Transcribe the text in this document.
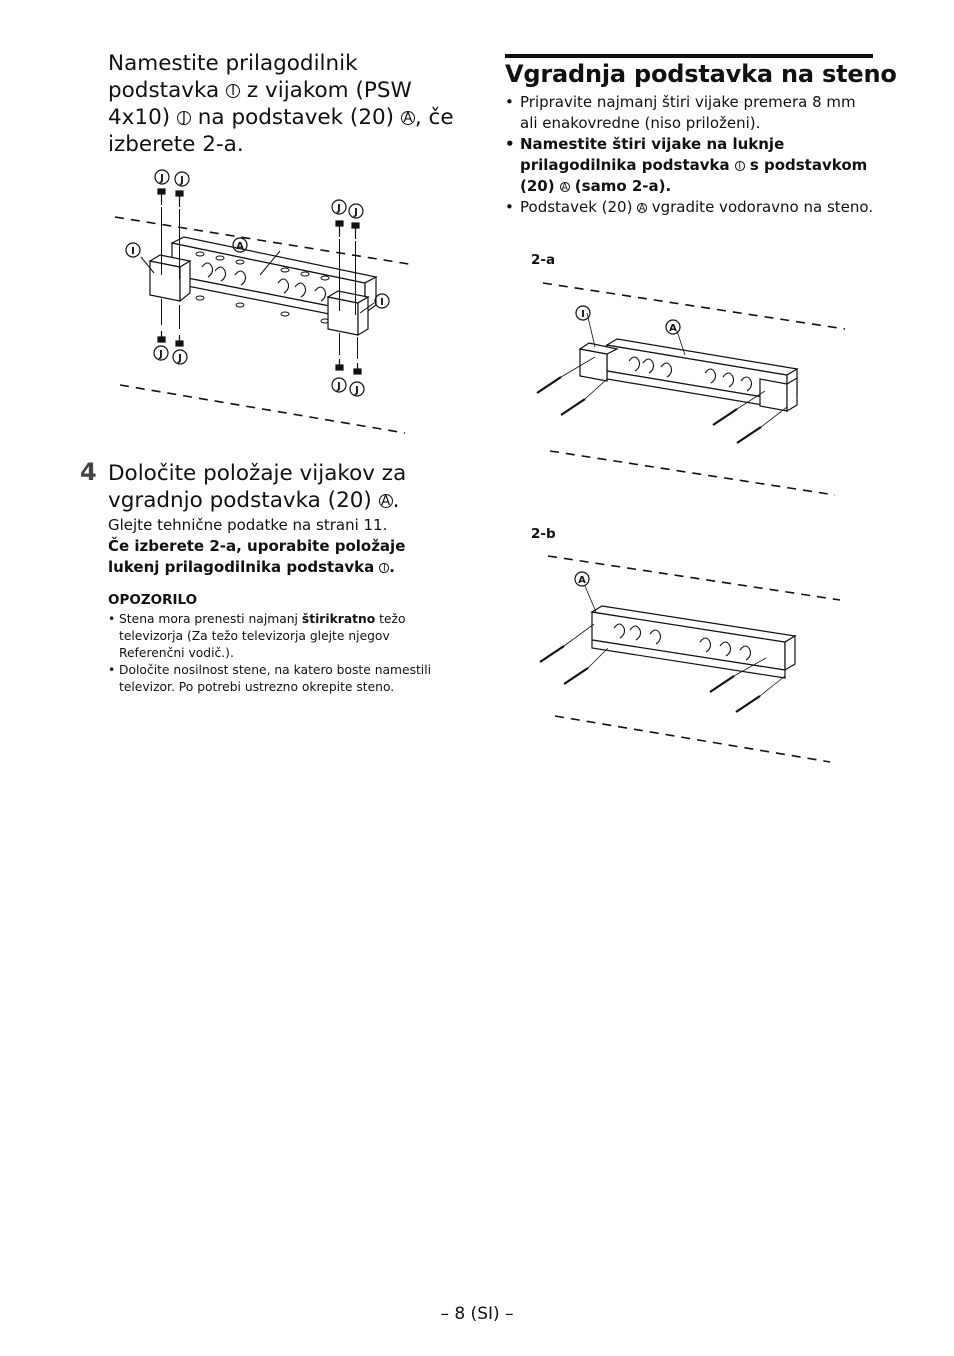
Namestite prilagodilnik podstavka I z vijakom (PSW 4x10) J na podstavek (20) A , če izberete 2-a.
J J
J J
I	A
I
J J
J J
4 Določite položaje vijakov za vgradnjo podstavka (20) A .
Glejte tehnične podatke na strani 11.
Če izberete 2-a, uporabite položaje lukenj prilagodilnika podstavka I .
OPOZORILO
• Stena mora prenesti najmanj štirikratno težo televizorja (Za težo televizorja glejte njegov Referenčni vodič.).
• Določite nosilnost stene, na katero boste namestili televizor. Po potrebi ustrezno okrepite steno.
Vgradnja podstavka na steno
• Pripravite najmanj štiri vijake premera 8 mm ali enakovredne (niso priloženi).
• Namestite štiri vijake na luknje prilagodilnika podstavka I s podstavkom (20) A (samo 2-a).
• Podstavek (20) A vgradite vodoravno na steno.
2-a
I
A
2-b
A
– 8 (SI) –
